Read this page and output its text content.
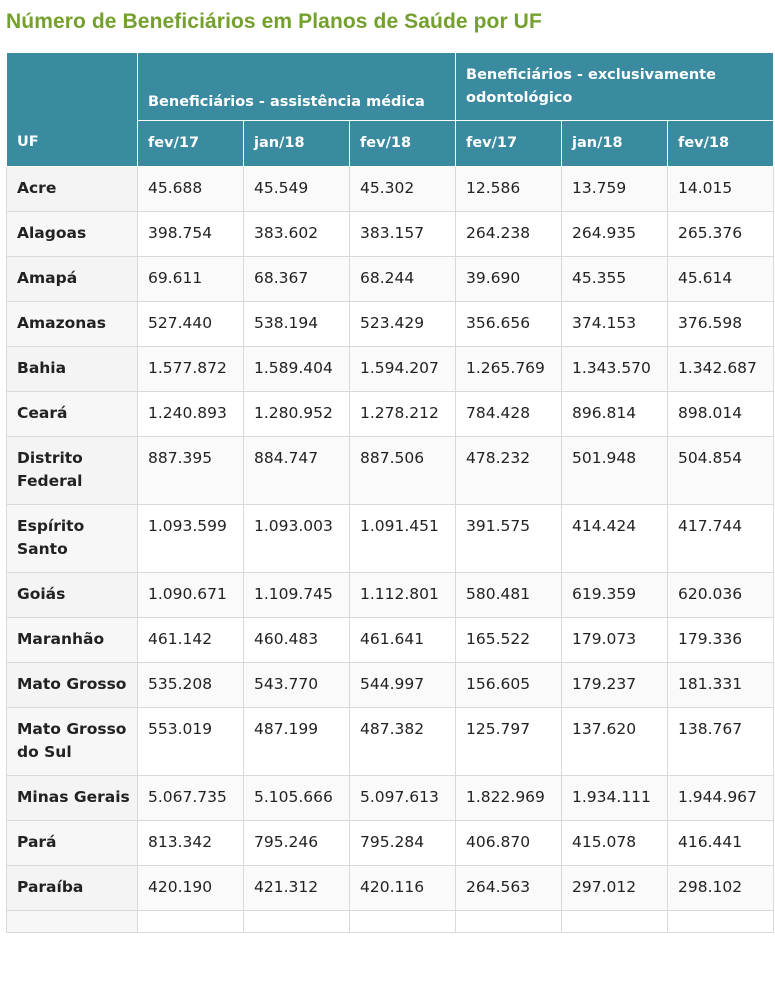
Número de Beneficiários em Planos de Saúde por UF
UF	Beneficiários - assistência médica			Beneficiários - exclusivamente odontológico		
	fev/17	jan/18	fev/18	fev/17	jan/18	fev/18
Acre	45.688	45.549	45.302	12.586	13.759	14.015
Alagoas	398.754	383.602	383.157	264.238	264.935	265.376
Amapá	69.611	68.367	68.244	39.690	45.355	45.614
Amazonas	527.440	538.194	523.429	356.656	374.153	376.598
Bahia	1.577.872	1.589.404	1.594.207	1.265.769	1.343.570	1.342.687
Ceará	1.240.893	1.280.952	1.278.212	784.428	896.814	898.014
Distrito Federal	887.395	884.747	887.506	478.232	501.948	504.854
Espírito Santo	1.093.599	1.093.003	1.091.451	391.575	414.424	417.744
Goiás	1.090.671	1.109.745	1.112.801	580.481	619.359	620.036
Maranhão	461.142	460.483	461.641	165.522	179.073	179.336
Mato Grosso	535.208	543.770	544.997	156.605	179.237	181.331
Mato Grosso do Sul	553.019	487.199	487.382	125.797	137.620	138.767
Minas Gerais	5.067.735	5.105.666	5.097.613	1.822.969	1.934.111	1.944.967
Pará	813.342	795.246	795.284	406.870	415.078	416.441
Paraíba	420.190	421.312	420.116	264.563	297.012	298.102
